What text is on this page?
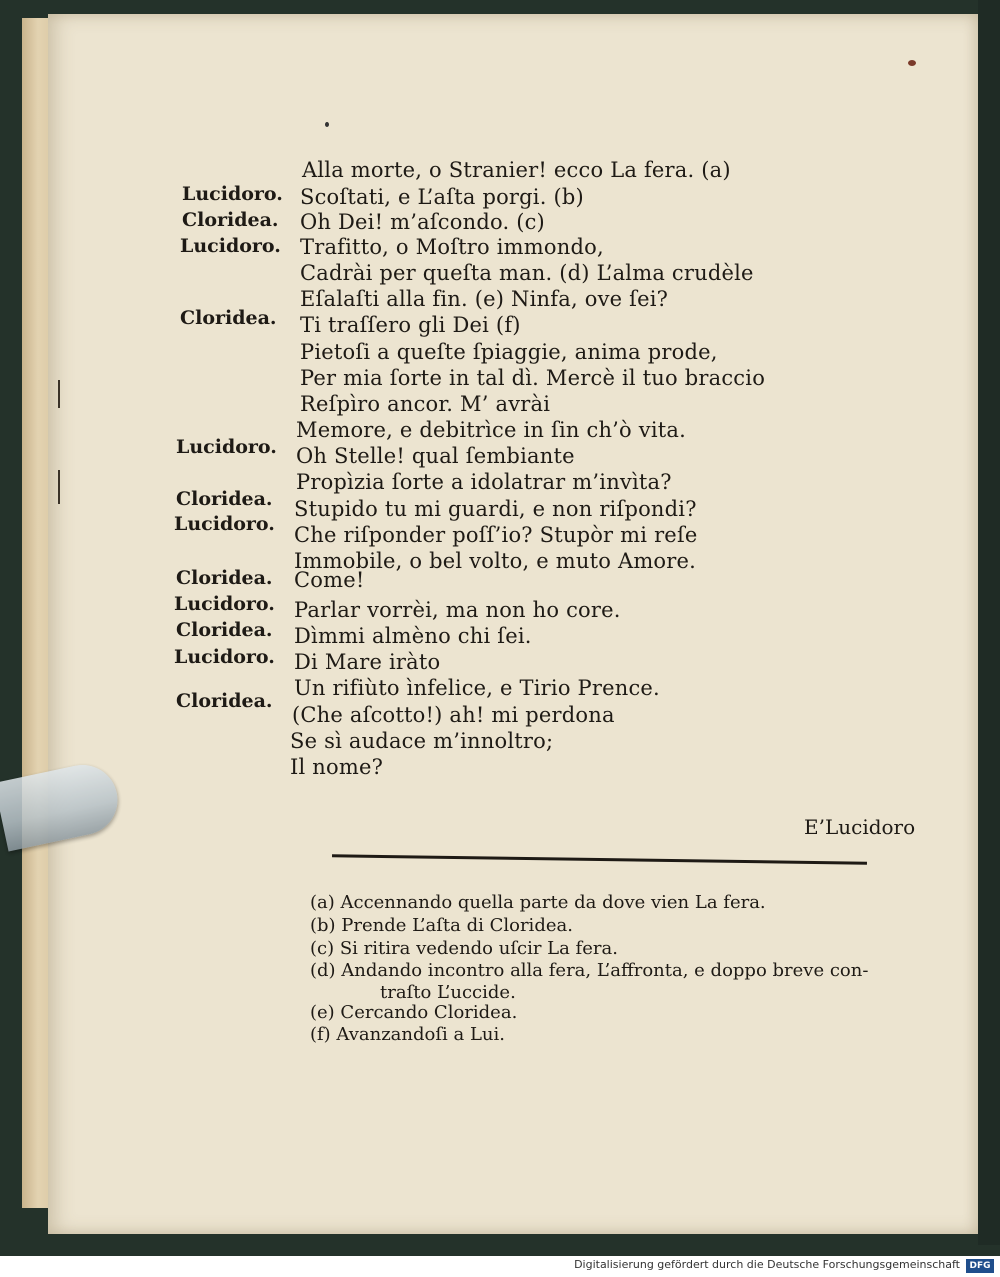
Alla morte, o Stranier! ecco La fera. (a)
Scoſtati, e L’aſta porgi. (b)
Oh Dei! m’aſcondo. (c)
Trafitto, o Moſtro immondo,
Cadrài per queſta man. (d) L’alma crudèle
Eſalaſti alla fin. (e) Ninfa, ove ſei?
Ti traſſero gli Dei (f)
Pietoſi a queſte ſpiaggie, anima prode,
Per mia ſorte in tal dì. Mercè il tuo braccio
Reſpìro ancor. M’ avrài
Memore, e debitrìce in ſin ch’ò vita.
Oh Stelle! qual ſembiante
Propìzia ſorte a idolatrar m’invìta?
Stupido tu mi guardi, e non riſpondi?
Che riſponder poſſ’io? Stupòr mi reſe
Immobile, o bel volto, e muto Amore.
Come!
Parlar vorrèi, ma non ho core.
Dìmmi almèno chi ſei.
Di Mare iràto
Un rifiùto ìnfelice, e Tirio Prence.
(Che aſcotto!) ah! mi perdona
Se sì audace m’innoltro;
Il nome?
Lucidoro.
Cloridea.
Lucidoro.
Cloridea.
Lucidoro.
Cloridea.
Lucidoro.
Cloridea.
Lucidoro.
Cloridea.
Lucidoro.
Cloridea.
E’Lucidoro
(a) Accennando quella parte da dove vien La fera.
(b) Prende L’aſta di Cloridea.
(c) Si ritira vedendo uſcir La fera.
(d) Andando incontro alla fera, L’affronta, e doppo breve con-
traſto L’uccide.
(e) Cercando Cloridea.
(f) Avanzandoſi a Lui.
Digitalisierung gefördert durch die Deutsche Forschungsgemeinschaft	DFG
